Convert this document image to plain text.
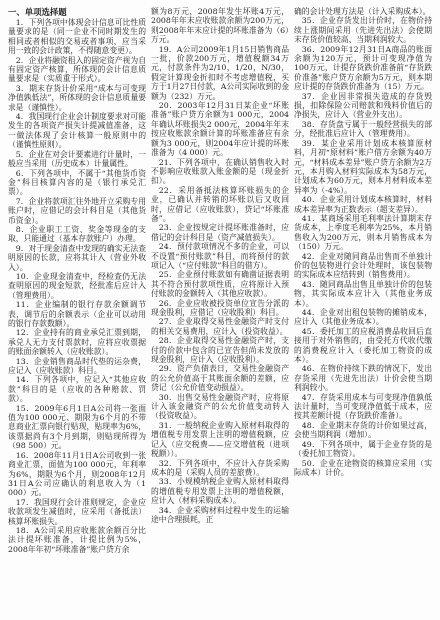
一、单项选择题

1．下列各项中体现会计信息可比性质量要求的是（同一企业不同时期发生的相同或者相似的交易或者事项，应当采用一致的会计政策，不得随意变更）。

2．企业将融资租入的固定资产视为自有固定资产核算，所体现的会计信息质量要求是（实质重于形式）。

3．期末存货计价采用“成本与可变现净值孰低法”，所体现的会计信息质量要求是（谨慎性）。

4．我国现行企业会计制度要求对可能发生的各项资产损失计提减值准备，这一做法体现了会计核算一般原则中的（谨慎性原则）。

5．企业在对会计要素进行计量时，一般应当采用（历史成本）计量属性。

6．下列各项中，不属于“其他货币资金”科目核算内容的是（银行承兑汇票）。

7．企业将款项汇往外地开立采购专用账户时，应借记的会计科目是（其他货币资金）。

8．企业职工工资、奖金等现金的支取，只能通过（基本存款账户）办理。

9．对于现金清查中发现的确实无法查明原因的长款，应将其计入（营业外收入）。

10．企业现金清查中，经检查仍无法查明原因的现金短款，经批准后应计入（管理费用）。

11．企业编制的银行存款余额调节表，调节后的余额表示（企业可以动用的银行存款数额）。

12．企业持有的商业承兑汇票到期，承兑人无力支付票款时，应将应收票据的账面余额转入（应收账款）。

13．企业销售商品时代垫的运杂费，应记入（应收账款）科目。

14．下列各项中，应记入“其他应收款”科目的是（应收的各种赔款、罚款）。

15．2009年6月1日A公司将一张面值为100 000元、期限为6个月的不带息商业汇票向银行贴现，贴现率为6%，该票据尚有3个月到期，则贴现所得为（98 500）元。

16．2008年11月1日A公司收到一张商业汇票，面值为100 000元，年利率为6%，期限为6个月，则2008年12月31日A公司应确认的利息收入为（1 000）元。

17．我国现行会计准则规定，企业应收款项发生减值时，应采用（备抵法）核算坏账损失。

18．A公司采用应收账款余额百分比法计提坏账准备，计提比例为5%，2008年年初“坏账准备”账户贷方余

额为8万元，2008年发生坏账4万元，2008年年末应收账款余额为200万元，则2008年年末应计提的坏账准备为（6）万元。

19．A公司2009年1月15日销售商品一批，价款200万元，增值税额34万元，付款条件为2/10，1/20，N/30，假定计算现金折扣时不考虑增值税，买方于1月27日付款，A公司实际收到的金额为（232）万元。

20．2003年12月31日某企业“坏账准备”账户贷方余额为1 000元，2004年确认坏账损失2 000元，2004年年末按应收账款余额计算的坏账准备应有余额为3 000元，则2004年应计提的坏账准备为（4 000）元。

21．下列各项中，在确认销售收入时不影响应收账款入账金额的是（现金折扣）。

22．采用备抵法核算坏账损失的企业，已确认并转销的坏账以后又收回时，应借记（应收账款），贷记“坏账准备”。

23．企业按规定计提坏账准备时，应借记的会计科目是（资产减值损失）。

24．预付款项情况不多的企业，可以不设置“预付账款”科目，而将预付的款项记入（“应付账款”科目的借方）。

25．企业预付账款如有确凿证据表明其不符合预付款项性质，应将原计入预付账款的金额转入（其他应收款）。

26．企业应收被投资单位宣告分派的现金股利，应借记（应收股利）科目。

27．企业取得交易性金融资产时支付的相关交易费用，应计入（投资收益）。

28．企业取得交易性金融资产时，支付的价款中包含的已宣告但尚未发放的现金股利，应计入（应收股利）。

29．资产负债表日，交易性金融资产的公允价值高于其账面余额的差额，应贷记（公允价值变动损益）。

30．出售交易性金融资产时，应将原计入该金融资产的公允价值变动转入（投资收益）。

31．一般纳税企业购入原材料取得的增值税专用发票上注明的增值税额，应记入（应交税费——应交增值税（进项税额））。

32．下列各项中，不应计入存货采购成本的是（采购人员的差旅费）。

33．小规模纳税企业购入原材料取得的增值税专用发票上注明的增值税额，应计入（材料采购成本）。

34．企业采购材料过程中发生的运输途中合理损耗，正

确的会计处理方法是（计入采购成本）。

35．企业存货发出计价时，在物价持续上涨期间采用（先进先出法）会使期末存货价值较高、当期利润较大。

36．2009年12月31日A商品的账面余额为120万元，预计可变现净值为100万元，计提存货跌价准备前“存货跌价准备”账户贷方余额为5万元，则本期应计提的存货跌价准备为（15）万元。

37．企业因非常损失造成的存货毁损，扣除保险公司赔款和残料价值后的净损失，应计入（营业外支出）。

38．存货盘亏属于一般经营损失的部分，经批准后应计入（管理费用）。

39．某企业采用计划成本核算原材料，月初“原材料”账户借方余额为40万元，“材料成本差异”账户贷方余额为2万元，本月购入材料实际成本为58万元，计划成本为60万元，则本月材料成本差异率为（-4%）。

40．企业采用计划成本核算时，材料成本差异率为正数表示（超支差异）。

41．某商场采用毛利率法计算期末存货成本，上季度毛利率为25%，本月销售收入为200万元，则本月销售成本为（150）万元。

42．企业对随同商品出售而不单独计价的包装物进行会计处理时，该包装物的实际成本应结转到（销售费用）。

43．随同商品出售且单独计价的包装物，其实际成本应计入（其他业务成本）。

44．企业对出租包装物的摊销成本，应计入（其他业务成本）。

45．委托加工的应税消费品收回后直接用于对外销售的，由受托方代收代缴的消费税应计入（委托加工物资的成本）。

46．在物价持续下跌的情况下，发出存货采用（先进先出法）计价会使当期利润较小。

47．存货采用成本与可变现净值孰低法计量时，当可变现净值低于成本，应按其差额计提（存货跌价准备）。

48．企业期末存货的计价如果过高，会使当期利润（增加）。

49．下列各项中，属于企业存货的是（委托加工物资）。

50．企业在途物资的核算应采用（实际成本）计价。
